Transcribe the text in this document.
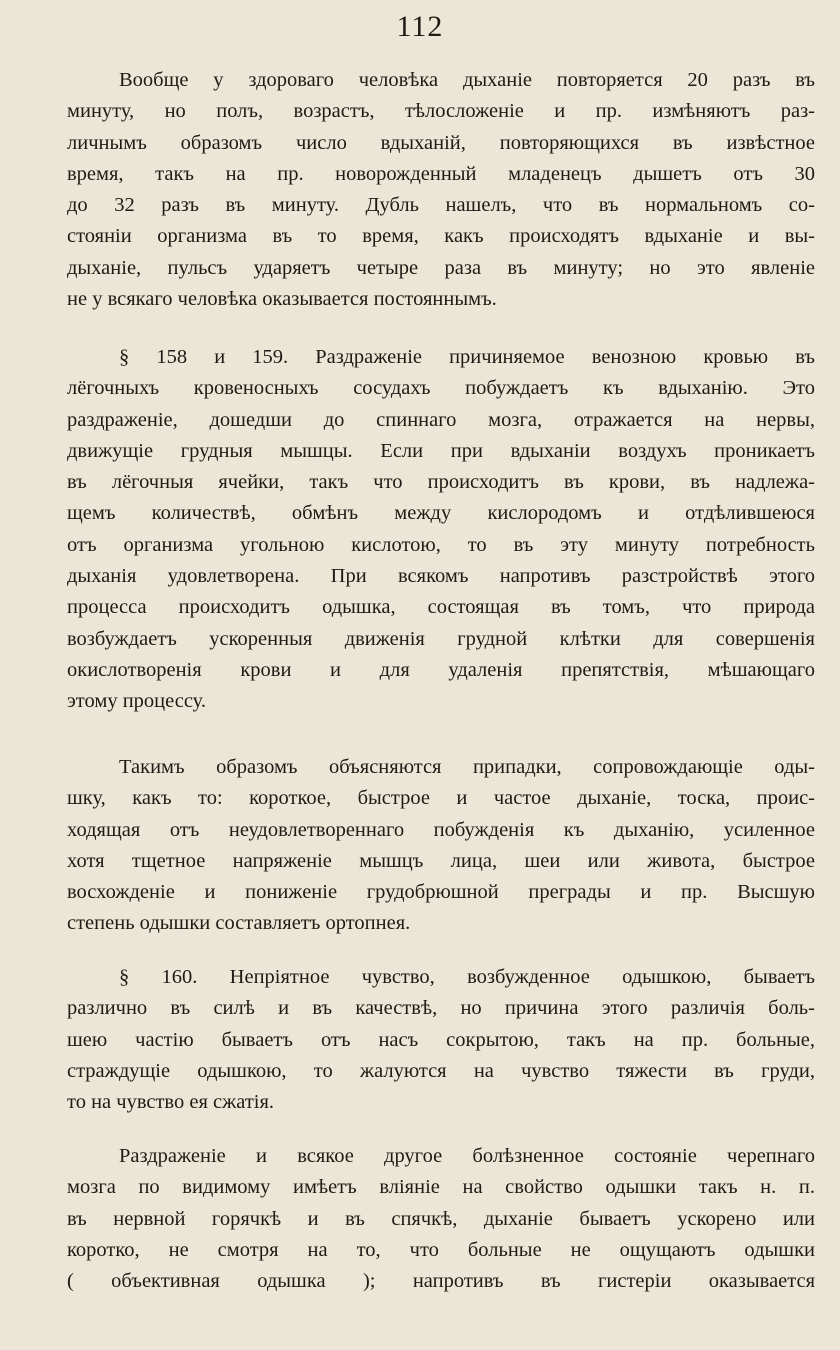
112
Вообще у здороваго человѣка дыханіе повторяется 20 разъ въ
минуту, но полъ, возрастъ, тѣлосложеніе и пр. измѣняютъ раз-
личнымъ образомъ число вдыханій, повторяющихся въ извѣстное
время, такъ на пр. новорожденный младенецъ дышетъ отъ 30
до 32 разъ въ минуту. Дубль нашелъ, что въ нормальномъ со-
стояніи организма въ то время, какъ происходятъ вдыханіе и вы-
дыханіе, пульсъ ударяетъ четыре раза въ минуту; но это явленіе
не у всякаго человѣка оказывается постояннымъ.
§ 158 и 159. Раздраженіе причиняемое венозною кровью въ
лёгочныхъ кровеносныхъ сосудахъ побуждаетъ къ вдыханію. Это
раздраженіе, дошедши до спиннаго мозга, отражается на нервы,
движущіе грудныя мышцы. Если при вдыханіи воздухъ проникаетъ
въ лёгочныя ячейки, такъ что происходитъ въ крови, въ надлежа-
щемъ количествѣ, обмѣнъ между кислородомъ и отдѣлившеюся
отъ организма угольною кислотою, то въ эту минуту потребность
дыханія удовлетворена. При всякомъ напротивъ разстройствѣ этого
процесса происходитъ одышка, состоящая въ томъ, что природа
возбуждаетъ ускоренныя движенія грудной клѣтки для совершенія
окислотворенія крови и для удаленія препятствія, мѣшающаго
этому процессу.
Такимъ образомъ объясняются припадки, сопровождающіе оды-
шку, какъ то: короткое, быстрое и частое дыханіе, тоска, проис-
ходящая отъ неудовлетвореннаго побужденія къ дыханію, усиленное
хотя тщетное напряженіе мышцъ лица, шеи или живота, быстрое
восхожденіе и пониженіе грудобрюшной преграды и пр. Высшую
степень одышки составляетъ ортопнея.
§ 160. Непріятное чувство, возбужденное одышкою, бываетъ
различно въ силѣ и въ качествѣ, но причина этого различія боль-
шею частію бываетъ отъ насъ сокрытою, такъ на пр. больные,
страждущіе одышкою, то жалуются на чувство тяжести въ груди,
то на чувство ея сжатія.
Раздраженіе и всякое другое болѣзненное состояніе черепнаго
мозга по видимому имѣетъ вліяніе на свойство одышки такъ н. п.
въ нервной горячкѣ и въ спячкѣ, дыханіе бываетъ ускорено или
коротко, не смотря на то, что больные не ощущаютъ одышки
( объективная одышка ); напротивъ въ гистеріи оказывается
